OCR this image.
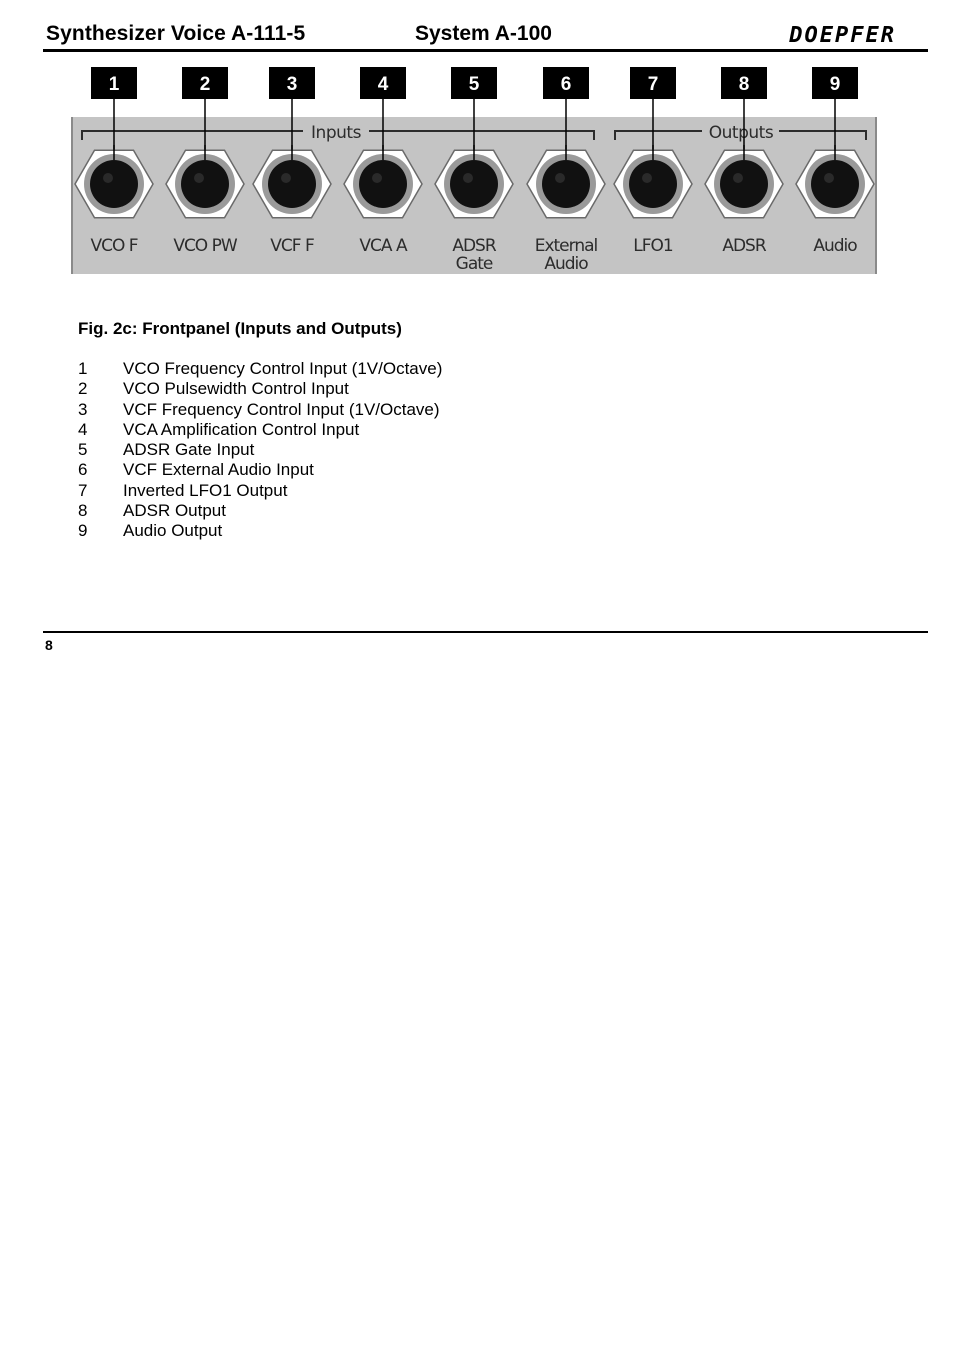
Synthesizer Voice A-111-5	System A-100	DOEPFER
Inputs	Outputs
1
VCO F
2
VCO PW
3
VCF F
4
VCA A
5
ADSR
Gate
6
External
Audio
7
LFO1
8
ADSR
9
Audio
Fig. 2c: Frontpanel (Inputs and Outputs)
1	VCO Frequency Control Input (1V/Octave)
2	VCO Pulsewidth Control Input
3	VCF Frequency Control Input (1V/Octave)
4	VCA Amplification Control Input
5	ADSR Gate Input
6	VCF External Audio Input
7	Inverted LFO1 Output
8	ADSR Output
9	Audio Output
8
